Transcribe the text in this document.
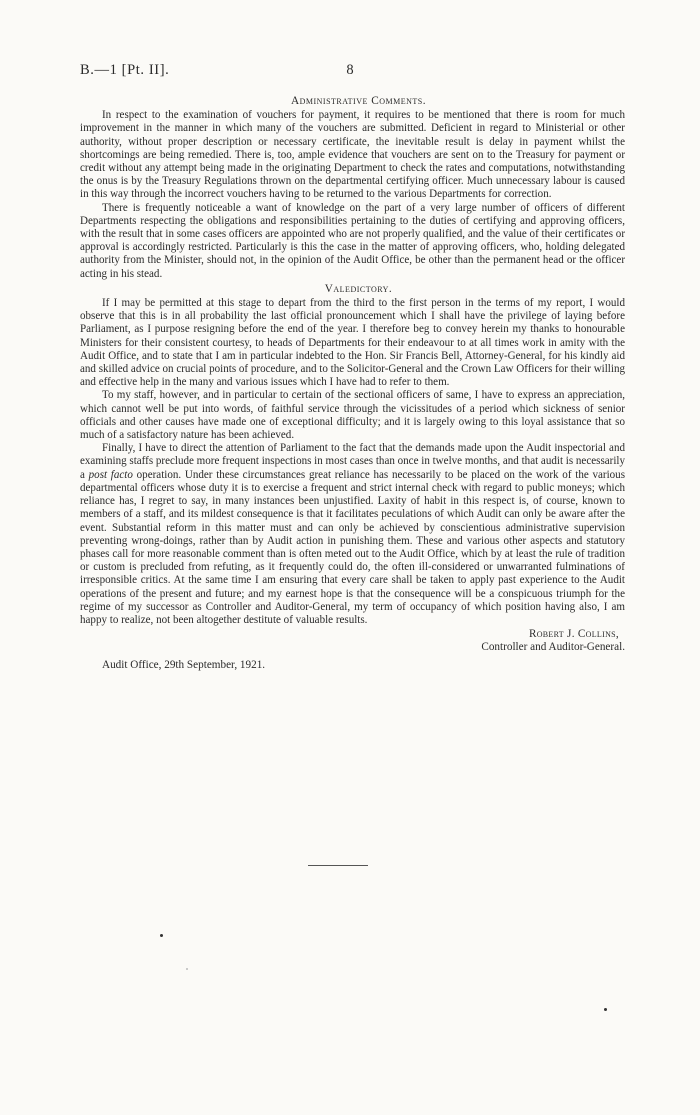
B.—1 [Pt. II].	8
Administrative Comments.

In respect to the examination of vouchers for payment, it requires to be mentioned that there is room for much improvement in the manner in which many of the vouchers are submitted. Deficient in regard to Ministerial or other authority, without proper description or necessary certificate, the inevitable result is delay in payment whilst the shortcomings are being remedied. There is, too, ample evidence that vouchers are sent on to the Treasury for payment or credit without any attempt being made in the originating Department to check the rates and computations, notwithstanding the onus is by the Treasury Regulations thrown on the departmental certifying officer. Much unnecessary labour is caused in this way through the incorrect vouchers having to be returned to the various Departments for correction.

There is frequently noticeable a want of knowledge on the part of a very large number of officers of different Departments respecting the obligations and responsibilities pertaining to the duties of certifying and approving officers, with the result that in some cases officers are appointed who are not properly qualified, and the value of their certificates or approval is accordingly restricted. Particularly is this the case in the matter of approving officers, who, holding delegated authority from the Minister, should not, in the opinion of the Audit Office, be other than the permanent head or the officer acting in his stead.

Valedictory.

If I may be permitted at this stage to depart from the third to the first person in the terms of my report, I would observe that this is in all probability the last official pronouncement which I shall have the privilege of laying before Parliament, as I purpose resigning before the end of the year. I therefore beg to convey herein my thanks to honourable Ministers for their consistent courtesy, to heads of Departments for their endeavour to at all times work in amity with the Audit Office, and to state that I am in particular indebted to the Hon. Sir Francis Bell, Attorney-General, for his kindly aid and skilled advice on crucial points of procedure, and to the Solicitor-General and the Crown Law Officers for their willing and effective help in the many and various issues which I have had to refer to them.

To my staff, however, and in particular to certain of the sectional officers of same, I have to express an appreciation, which cannot well be put into words, of faithful service through the vicissitudes of a period which sickness of senior officials and other causes have made one of exceptional difficulty; and it is largely owing to this loyal assistance that so much of a satisfactory nature has been achieved.

Finally, I have to direct the attention of Parliament to the fact that the demands made upon the Audit inspectorial and examining staffs preclude more frequent inspections in most cases than once in twelve months, and that audit is necessarily a post facto operation. Under these circumstances great reliance has necessarily to be placed on the work of the various departmental officers whose duty it is to exercise a frequent and strict internal check with regard to public moneys; which reliance has, I regret to say, in many instances been unjustified. Laxity of habit in this respect is, of course, known to members of a staff, and its mildest consequence is that it facilitates peculations of which Audit can only be aware after the event. Substantial reform in this matter must and can only be achieved by conscientious administrative supervision preventing wrong-doings, rather than by Audit action in punishing them. These and various other aspects and statutory phases call for more reasonable comment than is often meted out to the Audit Office, which by at least the rule of tradition or custom is precluded from refuting, as it frequently could do, the often ill-considered or unwarranted fulminations of irresponsible critics. At the same time I am ensuring that every care shall be taken to apply past experience to the Audit operations of the present and future; and my earnest hope is that the consequence will be a conspicuous triumph for the regime of my successor as Controller and Auditor-General, my term of occupancy of which position having also, I am happy to realize, not been altogether destitute of valuable results.

Robert J. Collins,
Controller and Auditor-General.
Audit Office, 29th September, 1921.
